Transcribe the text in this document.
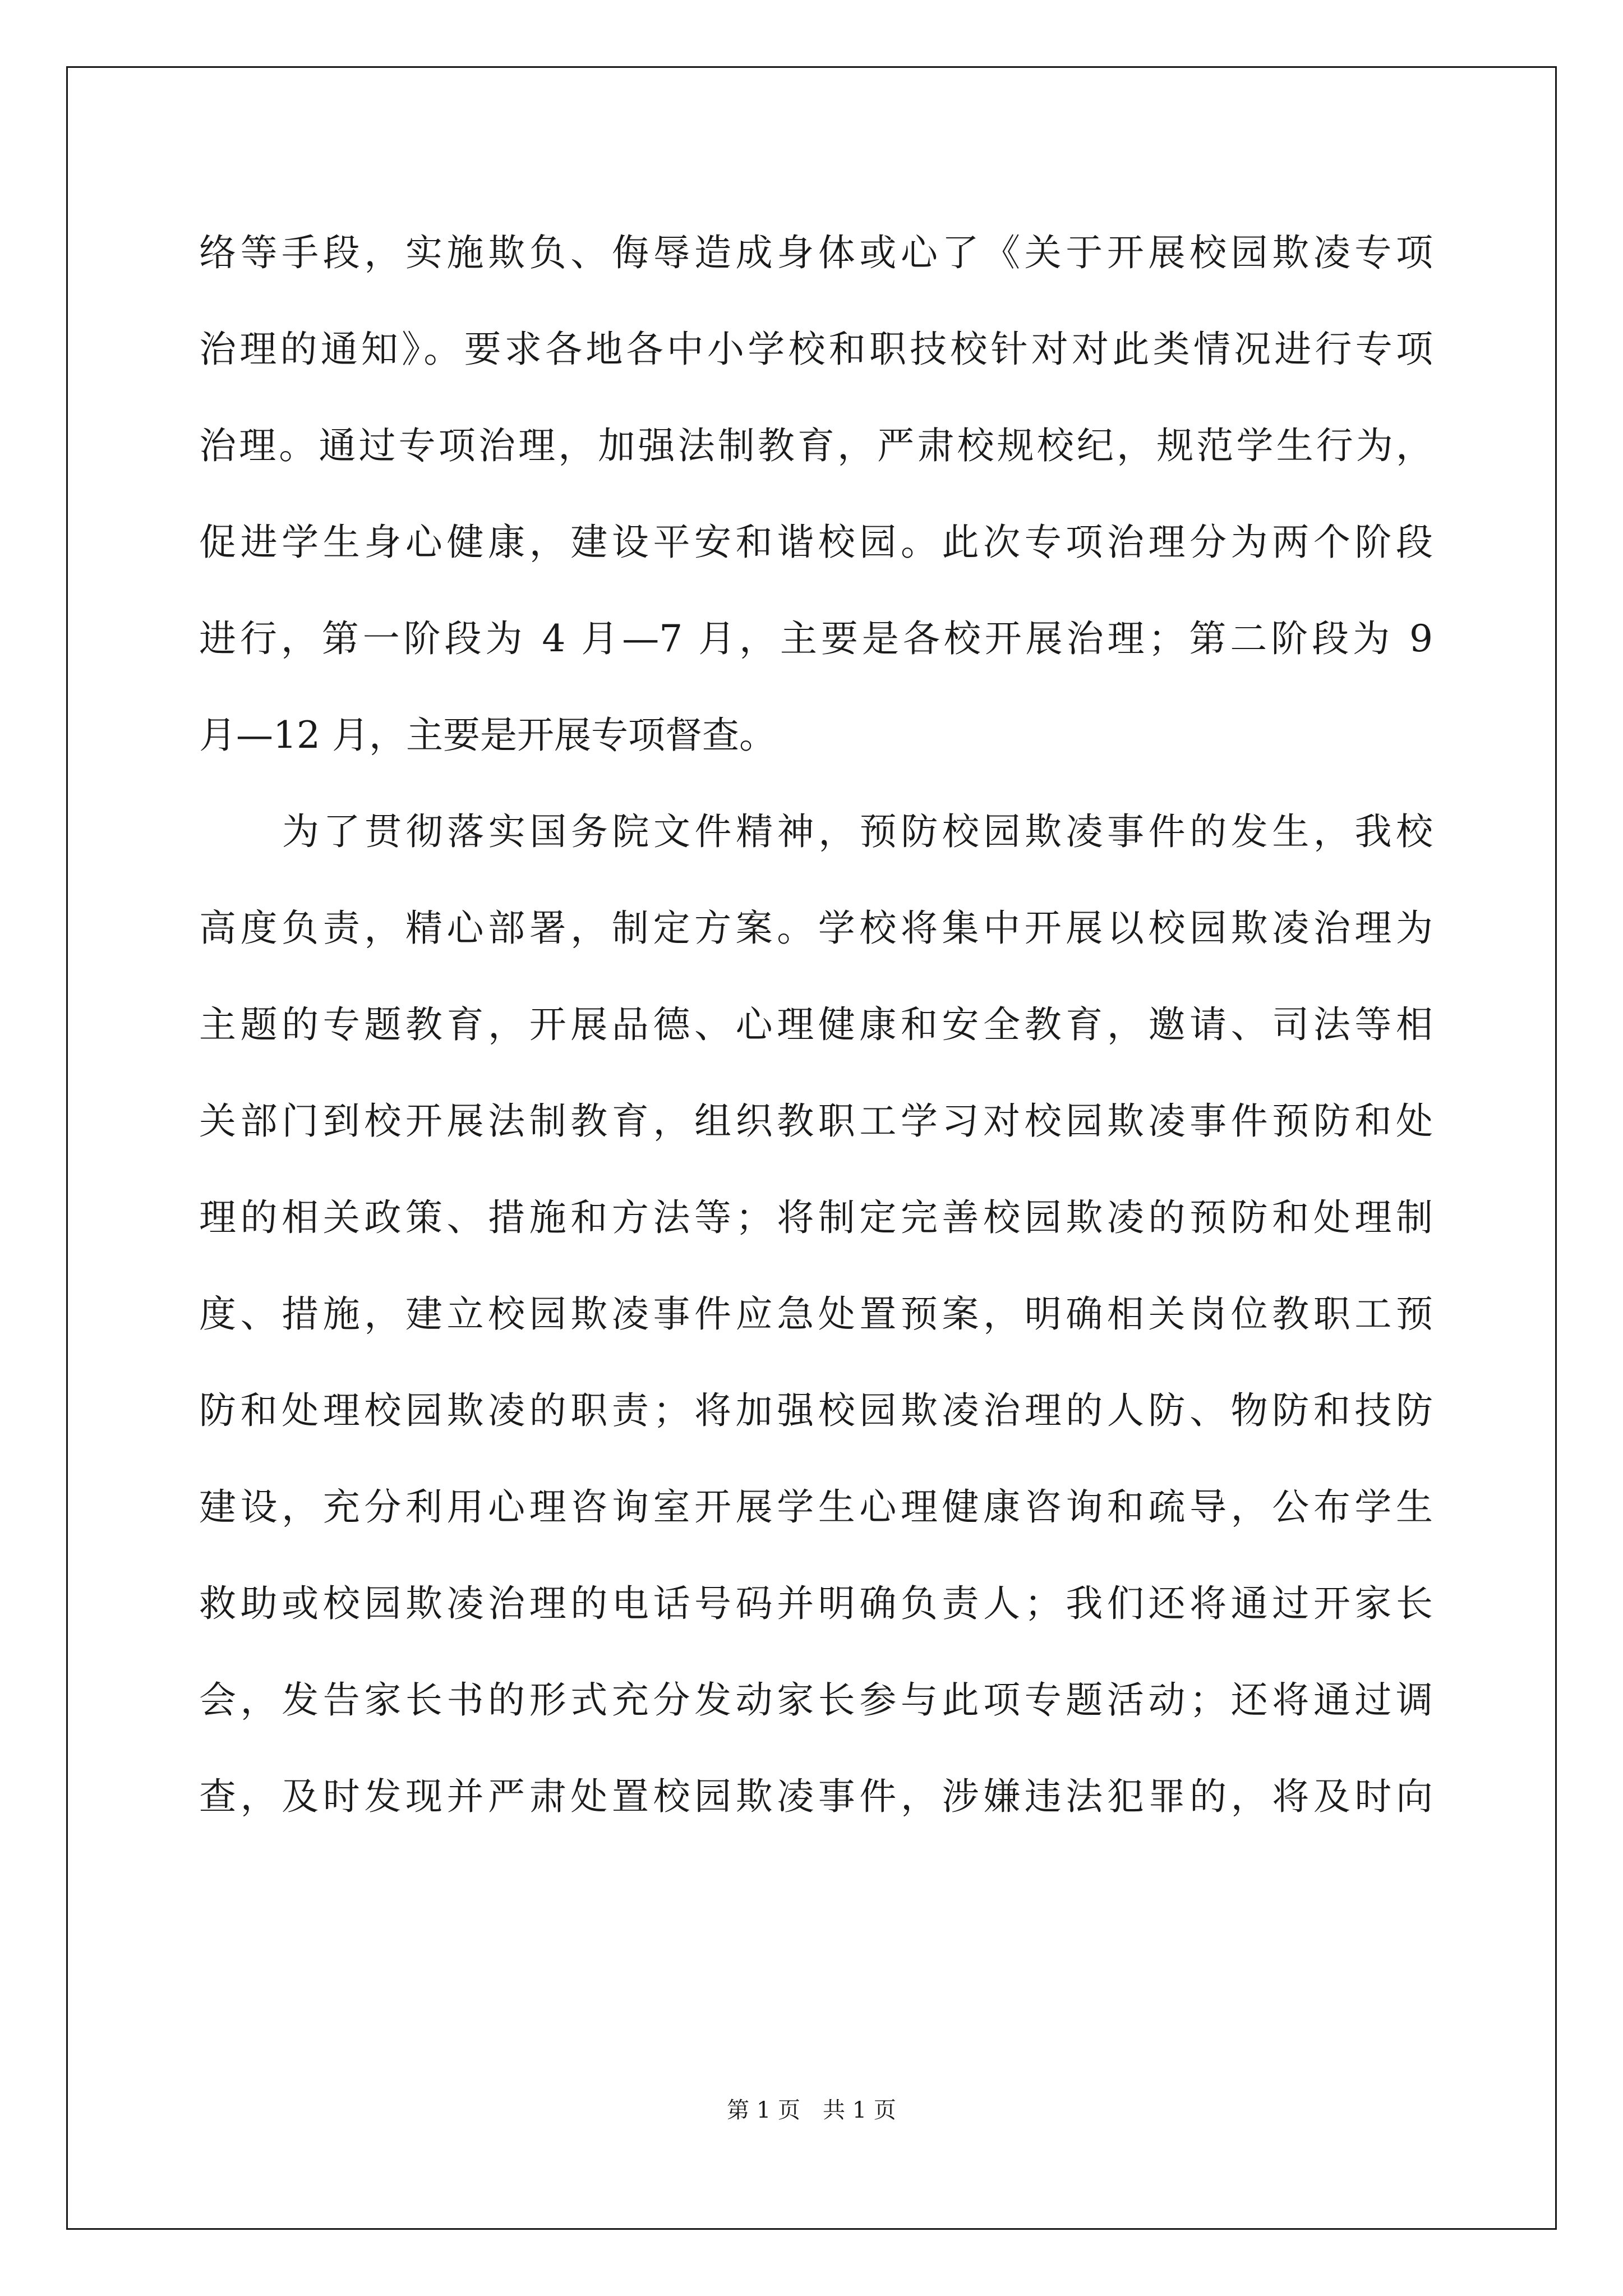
络等手段，实施欺负、侮辱造成身体或心了《关于开展校园欺凌专项
治理的通知》。要求各地各中小学校和职技校针对对此类情况进行专项
治理。通过专项治理，加强法制教育，严肃校规校纪，规范学生行为，
促进学生身心健康，建设平安和谐校园。此次专项治理分为两个阶段
进行，第一阶段为 4 月—7 月，主要是各校开展治理；第二阶段为 9
月—12 月，主要是开展专项督查。
为了贯彻落实国务院文件精神，预防校园欺凌事件的发生，我校
高度负责，精心部署，制定方案。学校将集中开展以校园欺凌治理为
主题的专题教育，开展品德、心理健康和安全教育，邀请、司法等相
关部门到校开展法制教育，组织教职工学习对校园欺凌事件预防和处
理的相关政策、措施和方法等；将制定完善校园欺凌的预防和处理制
度、措施，建立校园欺凌事件应急处置预案，明确相关岗位教职工预
防和处理校园欺凌的职责；将加强校园欺凌治理的人防、物防和技防
建设，充分利用心理咨询室开展学生心理健康咨询和疏导，公布学生
救助或校园欺凌治理的电话号码并明确负责人；我们还将通过开家长
会，发告家长书的形式充分发动家长参与此项专题活动；还将通过调
查，及时发现并严肃处置校园欺凌事件，涉嫌违法犯罪的，将及时向
第 1 页 共 1 页
